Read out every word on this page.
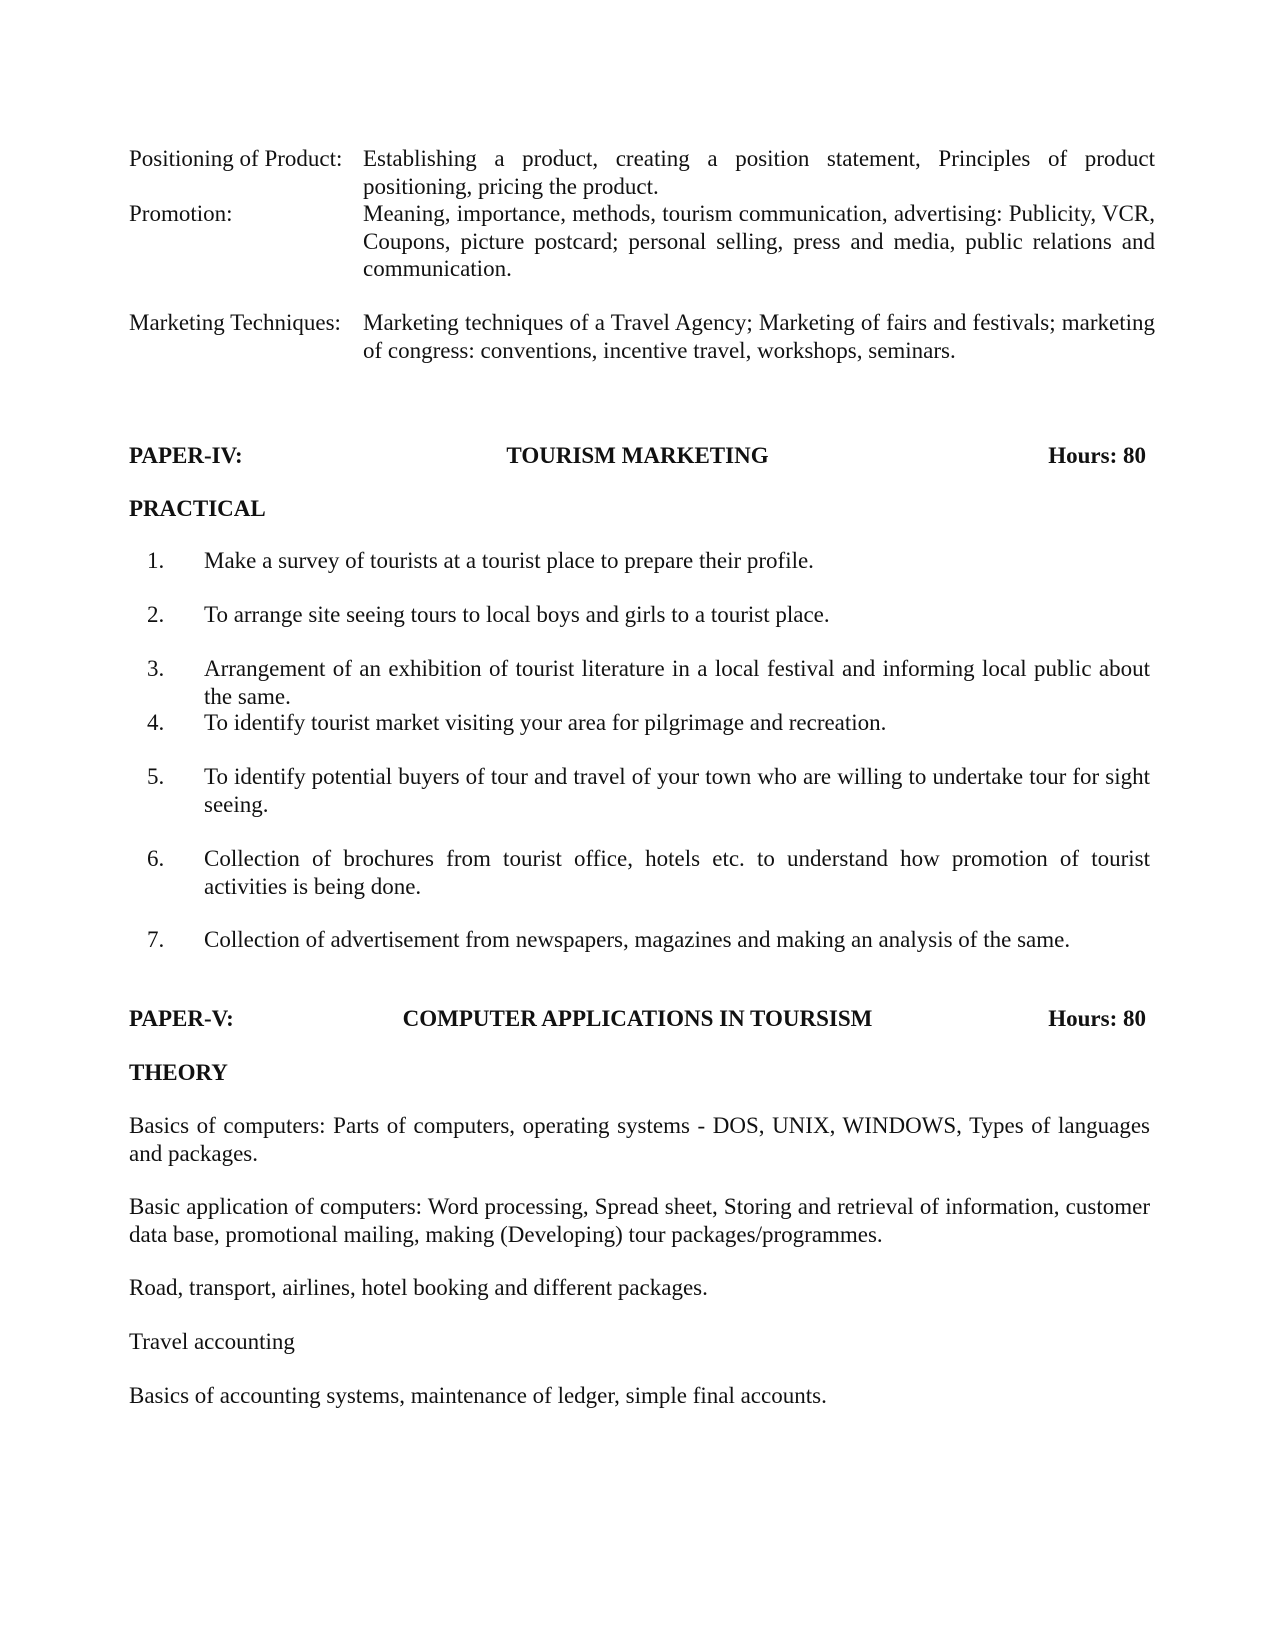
Positioning of Product: Establishing a product, creating a position statement, Principles of product positioning, pricing the product.
Promotion:	Meaning, importance, methods, tourism communication, advertising: Publicity, VCR, Coupons, picture postcard; personal selling, press and media, public relations and communication.
Marketing Techniques: Marketing techniques of a Travel Agency; Marketing of fairs and festivals; marketing of congress: conventions, incentive travel, workshops, seminars.
PAPER-IV:	TOURISM MARKETING	Hours: 80
PRACTICAL
1.	Make a survey of tourists at a tourist place to prepare their profile.
2.	To arrange site seeing tours to local boys and girls to a tourist place.
3.	Arrangement of an exhibition of tourist literature in a local festival and informing local public about the same.
4.	To identify tourist market visiting your area for pilgrimage and recreation.
5.	To identify potential buyers of tour and travel of your town who are willing to undertake tour for sight seeing.
6.	Collection of brochures from tourist office, hotels etc. to understand how promotion of tourist activities is being done.
7.	Collection of advertisement from newspapers, magazines and making an analysis of the same.
PAPER-V:	COMPUTER APPLICATIONS IN TOURSISM	Hours: 80
THEORY
Basics of computers: Parts of computers, operating systems - DOS, UNIX, WINDOWS, Types of languages and packages.
Basic application of computers: Word processing, Spread sheet, Storing and retrieval of information, customer data base, promotional mailing, making (Developing) tour packages/programmes.
Road, transport, airlines, hotel booking and different packages.
Travel accounting
Basics of accounting systems, maintenance of ledger, simple final accounts.
